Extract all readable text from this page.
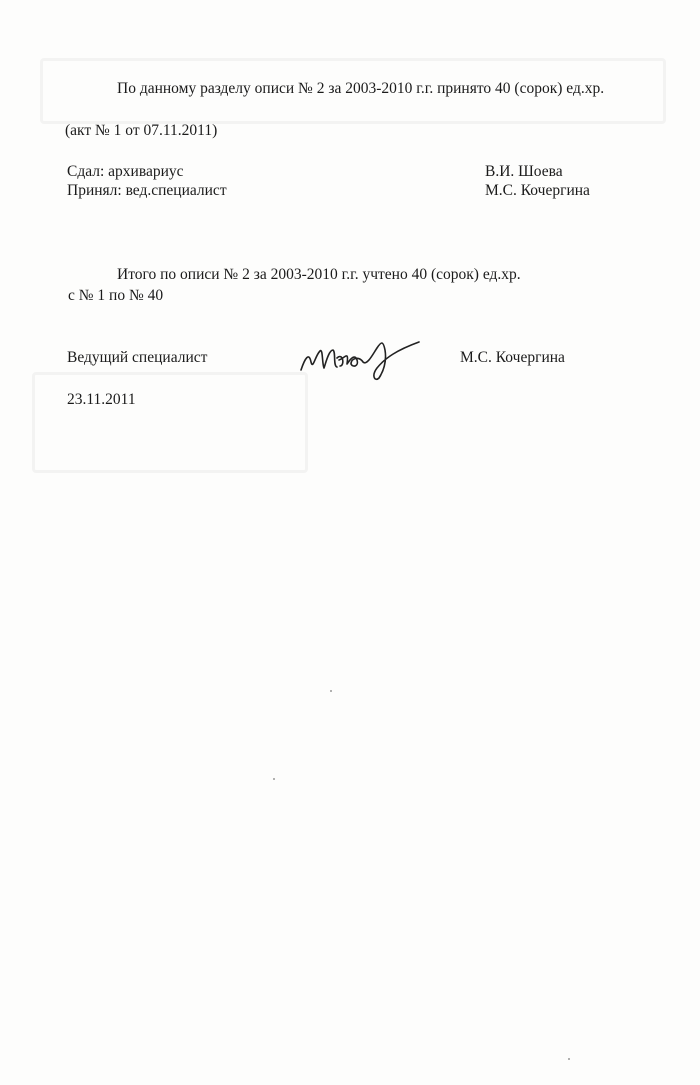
По данному разделу описи № 2 за 2003-2010 г.г. принято 40 (сорок) ед.хр.
(акт № 1 от 07.11.2011)
Сдал: архивариус	В.И. Шоева
Принял: вед.специалист	М.С. Кочергина
Итого по описи № 2 за 2003-2010 г.г. учтено 40 (сорок) ед.хр.
с № 1 по № 40
Ведущий специалист	М.С. Кочергина
23.11.2011
